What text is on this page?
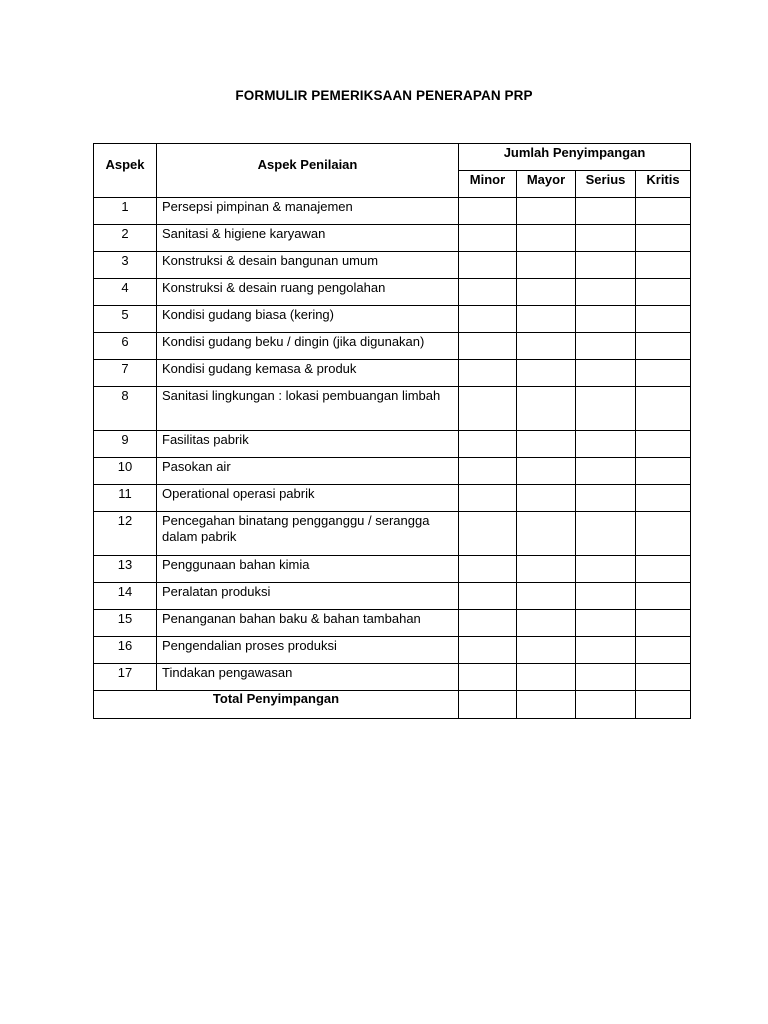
FORMULIR PEMERIKSAAN PENERAPAN PRP
Aspek	Aspek Penilaian	Jumlah Penyimpangan			
		Minor	Mayor	Serius	Kritis
1	Persepsi pimpinan & manajemen				
2	Sanitasi & higiene karyawan				
3	Konstruksi & desain bangunan umum				
4	Konstruksi & desain ruang pengolahan				
5	Kondisi gudang biasa (kering)				
6	Kondisi gudang beku / dingin (jika digunakan)				
7	Kondisi gudang kemasa & produk				
8	Sanitasi lingkungan : lokasi pembuangan limbah				
9	Fasilitas pabrik				
10	Pasokan air				
11	Operational operasi pabrik				
12	Pencegahan binatang pengganggu / serangga dalam pabrik				
13	Penggunaan bahan kimia				
14	Peralatan produksi				
15	Penanganan bahan baku & bahan tambahan				
16	Pengendalian proses produksi				
17	Tindakan pengawasan				
Total Penyimpangan					
